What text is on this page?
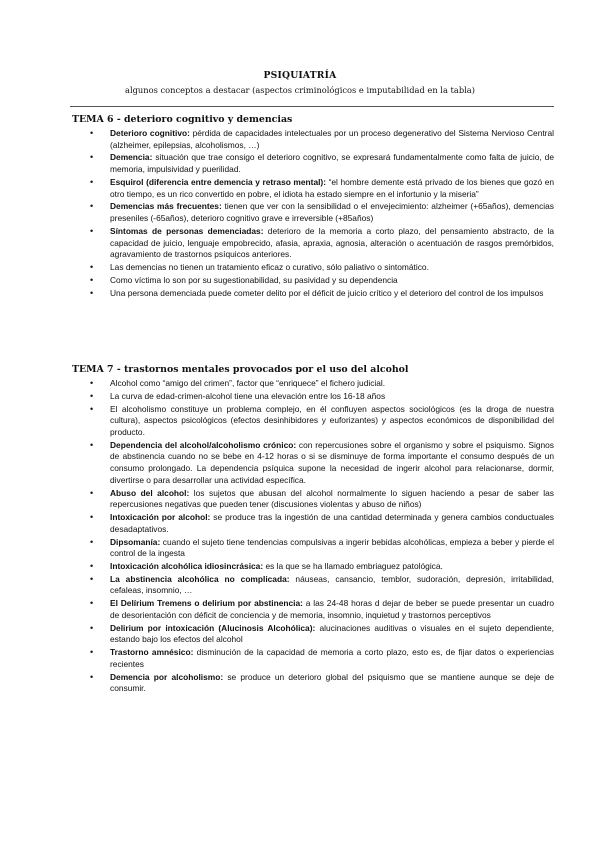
PSIQUIATRÍA
algunos conceptos a destacar (aspectos criminológicos e imputabilidad en la tabla)
TEMA 6 - deterioro cognitivo y demencias
• Deterioro cognitivo: pérdida de capacidades intelectuales por un proceso degenerativo del Sistema Nervioso Central (alzheimer, epilepsias, alcoholismos, …)
• Demencia: situación que trae consigo el deterioro cognitivo, se expresará fundamentalmente como falta de juicio, de memoria, impulsividad y puerilidad.
• Esquirol (diferencia entre demencia y retraso mental): “el hombre demente está privado de los bienes que gozó en otro tiempo, es un rico convertido en pobre, el idiota ha estado siempre en el infortunio y la miseria”
• Demencias más frecuentes: tienen que ver con la sensibilidad o el envejecimiento: alzheimer (+65años), demencias preseniles (-65años), deterioro cognitivo grave e irreversible (+85años)
• Síntomas de personas demenciadas: deterioro de la memoria a corto plazo, del pensamiento abstracto, de la capacidad de juicio, lenguaje empobrecido, afasia, apraxia, agnosia, alteración o acentuación de rasgos premórbidos, agravamiento de trastornos psíquicos anteriores.
• Las demencias no tienen un tratamiento eficaz o curativo, sólo paliativo o sintomático.
• Como víctima lo son por su sugestionabilidad, su pasividad y su dependencia
• Una persona demenciada puede cometer delito por el déficit de juicio crítico y el deterioro del control de los impulsos
TEMA 7 - trastornos mentales provocados por el uso del alcohol
• Alcohol como “amigo del crimen”, factor que “enriquece” el fichero judicial.
• La curva de edad-crimen-alcohol tiene una elevación entre los 16-18 años
• El alcoholismo constituye un problema complejo, en él confluyen aspectos sociológicos (es la droga de nuestra cultura), aspectos psicológicos (efectos desinhibidores y euforizantes) y aspectos económicos de disponibilidad del producto.
• Dependencia del alcohol/alcoholismo crónico: con repercusiones sobre el organismo y sobre el psiquismo. Signos de abstinencia cuando no se bebe en 4-12 horas o si se disminuye de forma importante el consumo después de un consumo prolongado. La dependencia psíquica supone la necesidad de ingerir alcohol para relacionarse, dormir, divertirse o para desarrollar una actividad específica.
• Abuso del alcohol: los sujetos que abusan del alcohol normalmente lo siguen haciendo a pesar de saber las repercusiones negativas que pueden tener (discusiones violentas y abuso de niños)
• Intoxicación por alcohol: se produce tras la ingestión de una cantidad determinada y genera cambios conductuales desadaptativos.
• Dipsomanía: cuando el sujeto tiene tendencias compulsivas a ingerir bebidas alcohólicas, empieza a beber y pierde el control de la ingesta
• Intoxicación alcohólica idiosincrásica: es la que se ha llamado embriaguez patológica.
• La abstinencia alcohólica no complicada: náuseas, cansancio, temblor, sudoración, depresión, irritabilidad, cefaleas, insomnio, …
• El Delírium Tremens o delirium por abstinencia: a las 24-48 horas d dejar de beber se puede presentar un cuadro de desorientación con déficit de conciencia y de memoria, insomnio, inquietud y trastornos perceptivos
• Delirium por intoxicación (Alucinosis Alcohólica): alucinaciones auditivas o visuales en el sujeto dependiente, estando bajo los efectos del alcohol
• Trastorno amnésico: disminución de la capacidad de memoria a corto plazo, esto es, de fijar datos o experiencias recientes
• Demencia por alcoholismo: se produce un deterioro global del psiquismo que se mantiene aunque se deje de consumir.
